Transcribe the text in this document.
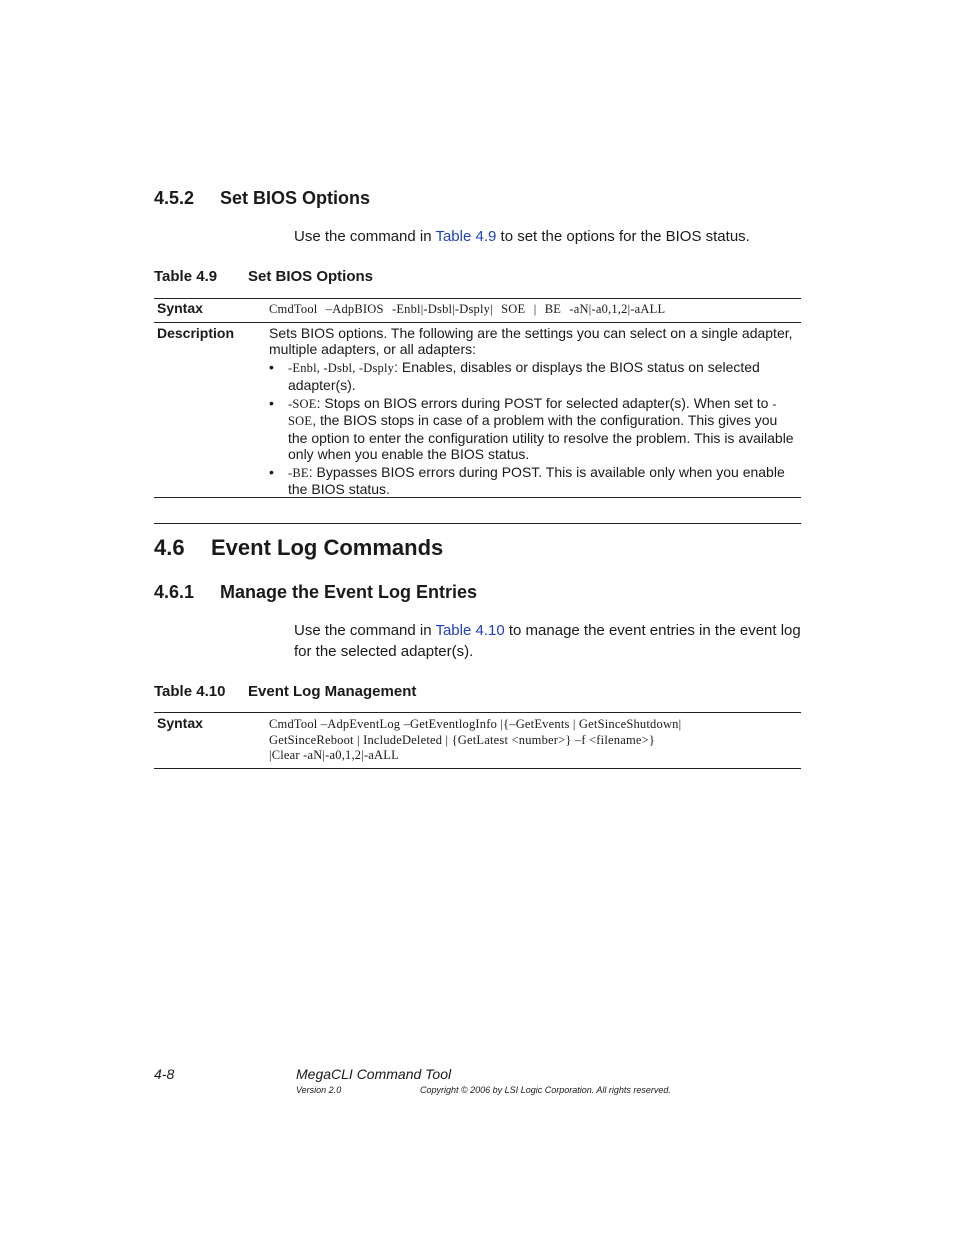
4.5.2 Set BIOS Options
Use the command in Table 4.9 to set the options for the BIOS status.
Table 4.9 Set BIOS Options
Syntax	CmdTool –AdpBIOS -Enbl|-Dsbl|-Dsply| SOE | BE -aN|-a0,1,2|-aALL
Description Sets BIOS options. The following are the settings you can select on a single adapter, multiple adapters, or all adapters:
• -Enbl, -Dsbl, -Dsply: Enables, disables or displays the BIOS status on selected adapter(s).
• -SOE: Stops on BIOS errors during POST for selected adapter(s). When set to -SOE, the BIOS stops in case of a problem with the configuration. This gives you the option to enter the configuration utility to resolve the problem. This is available only when you enable the BIOS status.
• -BE: Bypasses BIOS errors during POST. This is available only when you enable the BIOS status.
4.6 Event Log Commands
4.6.1 Manage the Event Log Entries
Use the command in Table 4.10 to manage the event entries in the event log for the selected adapter(s).
Table 4.10 Event Log Management
Syntax	CmdTool –AdpEventLog –GetEventlogInfo |{–GetEvents | GetSinceShutdown|
GetSinceReboot | IncludeDeleted | {GetLatest <number>} –f <filename>}
|Clear -aN|-a0,1,2|-aALL
4-8	MegaCLI Command Tool
Version 2.0	Copyright © 2006 by LSI Logic Corporation. All rights reserved.
